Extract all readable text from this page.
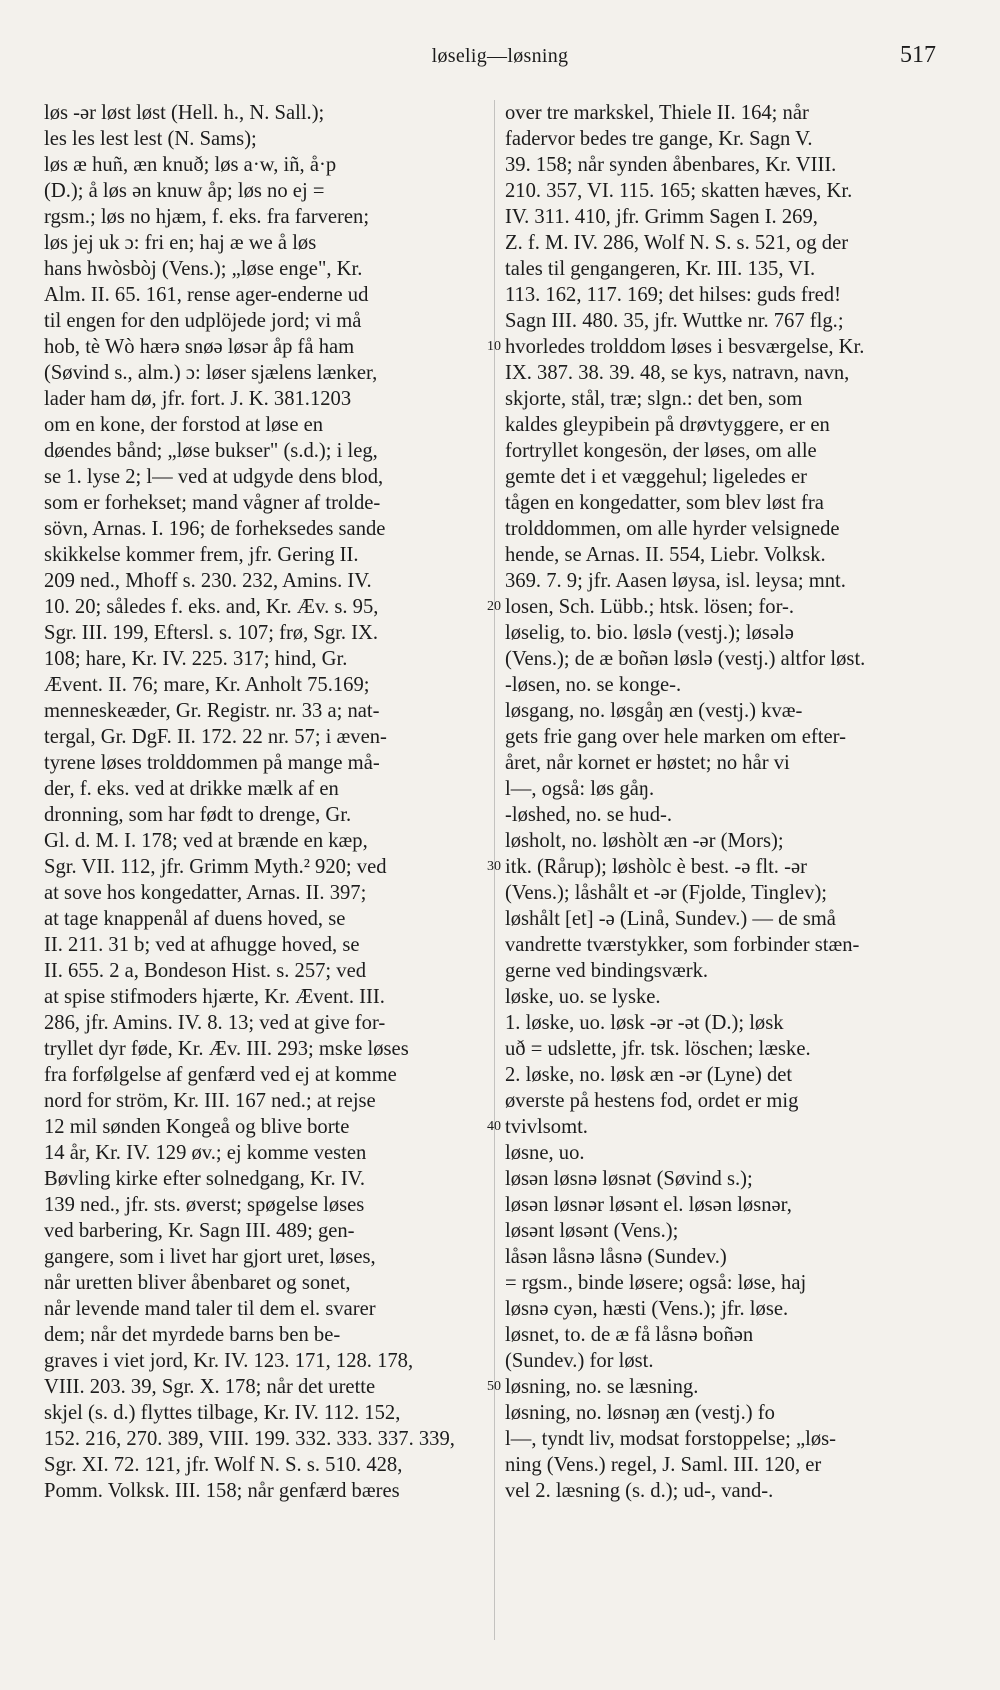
løselig—løsning	517
løs -ər løst løst (Hell. h., N. Sall.);
les les lest lest (N. Sams);
løs æ huñ, æn knuð; løs a·w, iñ, å·p
(D.); å løs ən knuw åp; løs no ej =
rgsm.; løs no hjæm, f. eks. fra farveren;
løs jej uk ɔ: fri en; haj æ we å løs
hans hwòsbòj (Vens.); „løse enge", Kr.
Alm. II. 65. 161, rense ager-enderne ud
til engen for den udplöjede jord; vi må
hob, tè Wò hærə snøə løsər åp få ham
(Søvind s., alm.) ɔ: løser sjælens lænker,
lader ham dø, jfr. fort. J. K. 381.1203
om en kone, der forstod at løse en
døendes bånd; „løse bukser" (s.d.); i leg,
se 1. lyse 2; l— ved at udgyde dens blod,
som er forhekset; mand vågner af trolde-
sövn, Arnas. I. 196; de forheksedes sande
skikkelse kommer frem, jfr. Gering II.
209 ned., Mhoff s. 230. 232, Amins. IV.
10. 20; således f. eks. and, Kr. Æv. s. 95,
Sgr. III. 199, Eftersl. s. 107; frø, Sgr. IX.
108; hare, Kr. IV. 225. 317; hind, Gr.
Ævent. II. 76; mare, Kr. Anholt 75.169;
menneskeæder, Gr. Registr. nr. 33 a; nat-
tergal, Gr. DgF. II. 172. 22 nr. 57; i æven-
tyrene løses trolddommen på mange må-
der, f. eks. ved at drikke mælk af en
dronning, som har født to drenge, Gr.
Gl. d. M. I. 178; ved at brænde en kæp,
Sgr. VII. 112, jfr. Grimm Myth.² 920; ved
at sove hos kongedatter, Arnas. II. 397;
at tage knappenål af duens hoved, se
II. 211. 31 b; ved at afhugge hoved, se
II. 655. 2 a, Bondeson Hist. s. 257; ved
at spise stifmoders hjærte, Kr. Ævent. III.
286, jfr. Amins. IV. 8. 13; ved at give for-
tryllet dyr føde, Kr. Æv. III. 293; mske løses
fra forfølgelse af genfærd ved ej at komme
nord for ström, Kr. III. 167 ned.; at rejse
12 mil sønden Kongeå og blive borte
14 år, Kr. IV. 129 øv.; ej komme vesten
Bøvling kirke efter solnedgang, Kr. IV.
139 ned., jfr. sts. øverst; spøgelse løses
ved barbering, Kr. Sagn III. 489; gen-
gangere, som i livet har gjort uret, løses,
når uretten bliver åbenbaret og sonet,
når levende mand taler til dem el. svarer
dem; når det myrdede barns ben be-
graves i viet jord, Kr. IV. 123. 171, 128. 178,
VIII. 203. 39, Sgr. X. 178; når det urette
skjel (s. d.) flyttes tilbage, Kr. IV. 112. 152,
152. 216, 270. 389, VIII. 199. 332. 333. 337. 339,
Sgr. XI. 72. 121, jfr. Wolf N. S. s. 510. 428,
Pomm. Volksk. III. 158; når genfærd bæres
over tre markskel, Thiele II. 164; når
fadervor bedes tre gange, Kr. Sagn V.
39. 158; når synden åbenbares, Kr. VIII.
210. 357, VI. 115. 165; skatten hæves, Kr.
IV. 311. 410, jfr. Grimm Sagen I. 269,
Z. f. M. IV. 286, Wolf N. S. s. 521, og der
tales til gengangeren, Kr. III. 135, VI.
113. 162, 117. 169; det hilses: guds fred!
Sagn III. 480. 35, jfr. Wuttke nr. 767 flg.;
hvorledes trolddom løses i besværgelse, Kr.
IX. 387. 38. 39. 48, se kys, natravn, navn,
skjorte, stål, træ; slgn.: det ben, som
kaldes gleypibein på drøvtyggere, er en
fortryllet kongesön, der løses, om alle
gemte det i et væggehul; ligeledes er
tågen en kongedatter, som blev løst fra
trolddommen, om alle hyrder velsignede
hende, se Arnas. II. 554, Liebr. Volksk.
369. 7. 9; jfr. Aasen løysa, isl. leysa; mnt.
losen, Sch. Lübb.; htsk. lösen; for-.
løselig, to. bio. løslə (vestj.); løsələ
(Vens.); de æ boñən løslə (vestj.) altfor løst.
-løsen, no. se konge-.
løsgang, no. løsgåŋ æn (vestj.) kvæ-
gets frie gang over hele marken om efter-
året, når kornet er høstet; no hår vi
l—, også: løs gåŋ.
-løshed, no. se hud-.
løsholt, no. løshòlt æn -ər (Mors);
itk. (Rårup); løshòlc è best. -ə flt. -ər
(Vens.); låshålt et -ər (Fjolde, Tinglev);
løshålt [et] -ə (Linå, Sundev.) — de små
vandrette tværstykker, som forbinder stæn-
gerne ved bindingsværk.
løske, uo. se lyske.
1. løske, uo. løsk -ər -ət (D.); løsk
uð = udslette, jfr. tsk. löschen; læske.
2. løske, no. løsk æn -ər (Lyne) det
øverste på hestens fod, ordet er mig
tvivlsomt.
løsne, uo.
løsən løsnə løsnət (Søvind s.);
løsən løsnər løsənt el. løsən løsnər,
løsənt løsənt (Vens.);
låsən låsnə låsnə (Sundev.)
= rgsm., binde løsere; også: løse, haj
løsnə cyən, hæsti (Vens.); jfr. løse.
løsnet, to. de æ få låsnə boñən
(Sundev.) for løst.
løsning, no. se læsning.
løsning, no. løsnəŋ æn (vestj.) fo
l—, tyndt liv, modsat forstoppelse; „løs-
ning (Vens.) regel, J. Saml. III. 120, er
vel 2. læsning (s. d.); ud-, vand-.
10
20
30
40
50
